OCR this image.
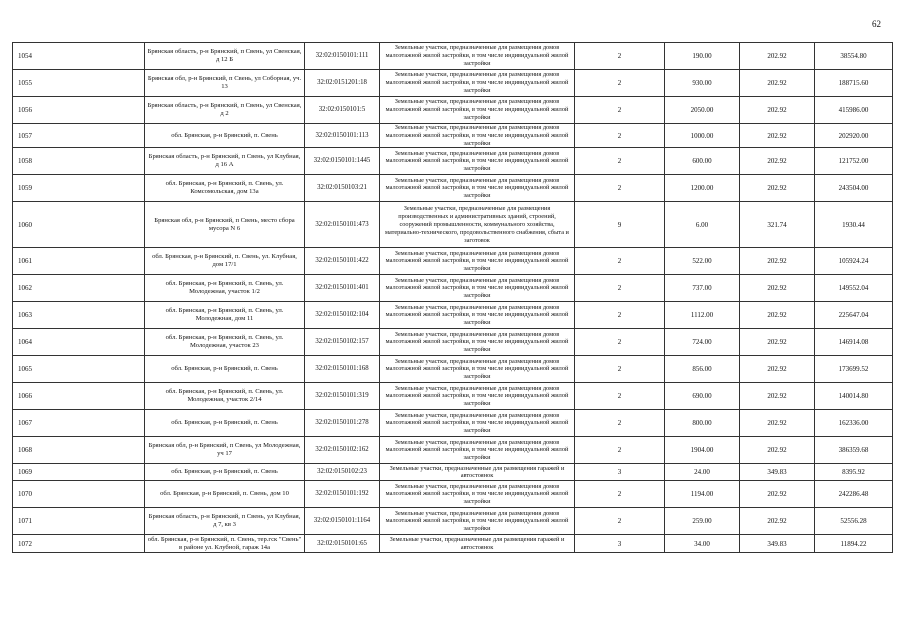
62
1054	Брянская область, р-н Брянский, п Свень, ул Свенская, д 12 Б	32:02:0150101:111	Земельные участки, предназначенные для размещения домов малоэтажной жилой застройки, в том числе индивидуальной жилой застройки	2	190.00	202.92	38554.80
1055	Брянская обл, р-н Брянский, п Свень, ул Соборная, уч. 13	32:02:0151201:18	Земельные участки, предназначенные для размещения домов малоэтажной жилой застройки, в том числе индивидуальной жилой застройки	2	930.00	202.92	188715.60
1056	Брянская область, р-н Брянский, п Свень, ул Свенская, д 2	32:02:0150101:5	Земельные участки, предназначенные для размещения домов малоэтажной жилой застройки, в том числе индивидуальной жилой застройки	2	2050.00	202.92	415986.00
1057	обл. Брянская, р-н Брянский, п. Свень	32:02:0150101:113	Земельные участки, предназначенные для размещения домов малоэтажной жилой застройки, в том числе индивидуальной жилой застройки	2	1000.00	202.92	202920.00
1058	Брянская область, р-н Брянский, п Свень, ул Клубная, д 16 А	32:02:0150101:1445	Земельные участки, предназначенные для размещения домов малоэтажной жилой застройки, в том числе индивидуальной жилой застройки	2	600.00	202.92	121752.00
1059	обл. Брянская, р-н Брянский, п. Свень, ул. Комсомольская, дом 13а	32:02:0150103:21	Земельные участки, предназначенные для размещения домов малоэтажной жилой застройки, в том числе индивидуальной жилой застройки	2	1200.00	202.92	243504.00
1060	Брянская обл, р-н Брянский, п Свень, место сбора мусора N 6	32:02:0150101:473	Земельные участки, предназначенные для размещения производственных и административных зданий, строений, сооружений промышленности, коммунального хозяйства, материально-технического, продовольственного снабжения, сбыта и заготовок	9	6.00	321.74	1930.44
1061	обл. Брянская, р-н Брянский, п. Свень, ул. Клубная, дом 17/1	32:02:0150101:422	Земельные участки, предназначенные для размещения домов малоэтажной жилой застройки, в том числе индивидуальной жилой застройки	2	522.00	202.92	105924.24
1062	обл. Брянская, р-н Брянский, п. Свень, ул. Молодежная, участок 1/2	32:02:0150101:401	Земельные участки, предназначенные для размещения домов малоэтажной жилой застройки, в том числе индивидуальной жилой застройки	2	737.00	202.92	149552.04
1063	обл. Брянская, р-н Брянский, п. Свень, ул. Молодежная, дом 11	32:02:0150102:104	Земельные участки, предназначенные для размещения домов малоэтажной жилой застройки, в том числе индивидуальной жилой застройки	2	1112.00	202.92	225647.04
1064	обл. Брянская, р-н Брянский, п. Свень, ул. Молодежная, участок 23	32:02:0150102:157	Земельные участки, предназначенные для размещения домов малоэтажной жилой застройки, в том числе индивидуальной жилой застройки	2	724.00	202.92	146914.08
1065	обл. Брянская, р-н Брянский, п. Свень	32:02:0150101:168	Земельные участки, предназначенные для размещения домов малоэтажной жилой застройки, в том числе индивидуальной жилой застройки	2	856.00	202.92	173699.52
1066	обл. Брянская, р-н Брянский, п. Свень, ул. Молодежная, участок 2/14	32:02:0150101:319	Земельные участки, предназначенные для размещения домов малоэтажной жилой застройки, в том числе индивидуальной жилой застройки	2	690.00	202.92	140014.80
1067	обл. Брянская, р-н Брянский, п. Свень	32:02:0150101:278	Земельные участки, предназначенные для размещения домов малоэтажной жилой застройки, в том числе индивидуальной жилой застройки	2	800.00	202.92	162336.00
1068	Брянская обл, р-н Брянский, п Свень, ул Молодежная, уч 17	32:02:0150102:162	Земельные участки, предназначенные для размещения домов малоэтажной жилой застройки, в том числе индивидуальной жилой застройки	2	1904.00	202.92	386359.68
1069	обл. Брянская, р-н Брянский, п. Свень	32:02:0150102:23	Земельные участки, предназначенные для размещения гаражей и автостоянок	3	24.00	349.83	8395.92
1070	обл. Брянская, р-н Брянский, п. Свень, дом 10	32:02:0150101:192	Земельные участки, предназначенные для размещения домов малоэтажной жилой застройки, в том числе индивидуальной жилой застройки	2	1194.00	202.92	242286.48
1071	Брянская область, р-н Брянский, п Свень, ул Клубная, д 7, кв 3	32:02:0150101:1164	Земельные участки, предназначенные для размещения домов малоэтажной жилой застройки, в том числе индивидуальной жилой застройки	2	259.00	202.92	52556.28
1072	обл. Брянская, р-н Брянский, п. Свень, тер.гск "Свень" в районе ул. Клубной, гараж 14а	32:02:0150101:65	Земельные участки, предназначенные для размещения гаражей и автостоянок	3	34.00	349.83	11894.22
